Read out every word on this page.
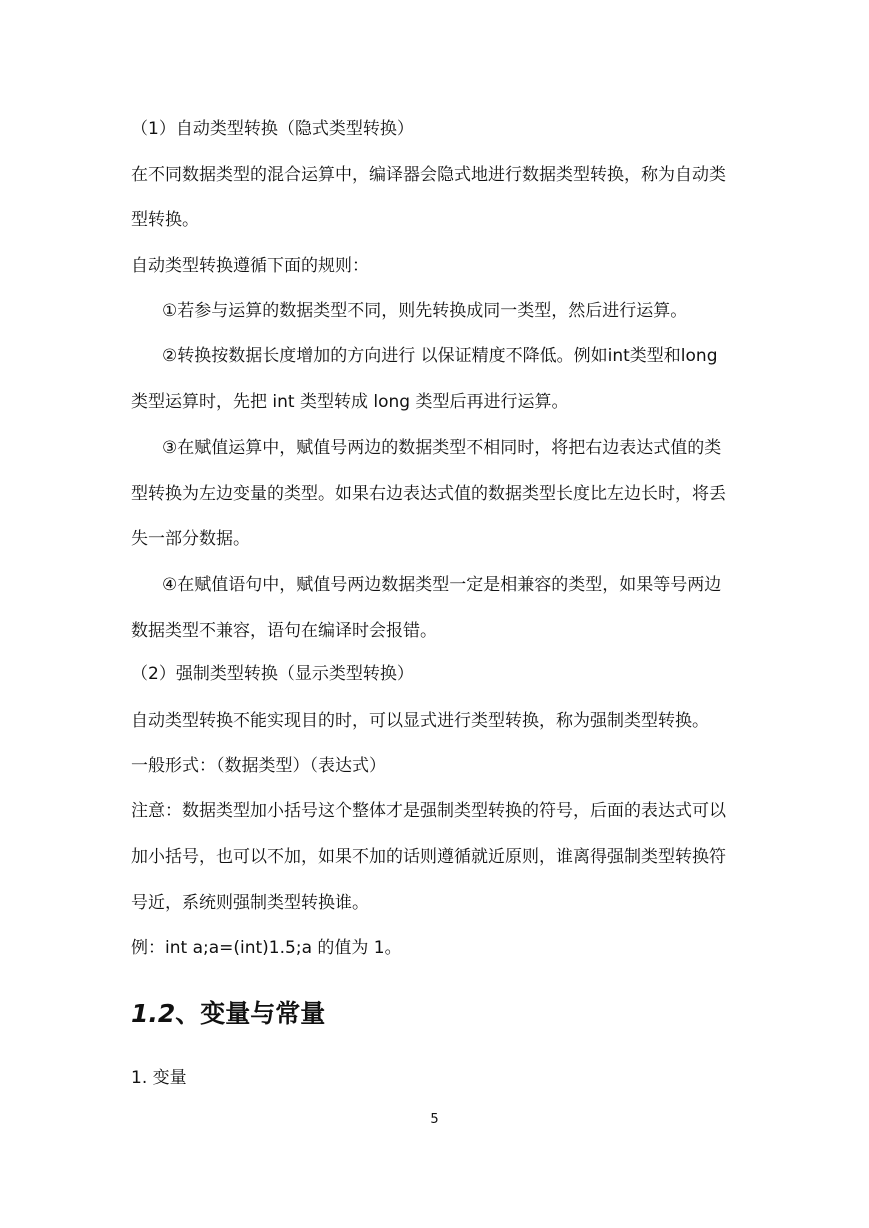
（1）自动类型转换（隐式类型转换）
在不同数据类型的混合运算中，编译器会隐式地进行数据类型转换，称为自动类
型转换。
自动类型转换遵循下面的规则：
①若参与运算的数据类型不同，则先转换成同一类型，然后进行运算。
②转换按数据长度增加的方向进行 以保证精度不降低。例如int类型和long
类型运算时，先把 int 类型转成 long 类型后再进行运算。
③在赋值运算中，赋值号两边的数据类型不相同时，将把右边表达式值的类
型转换为左边变量的类型。如果右边表达式值的数据类型长度比左边长时，将丢
失一部分数据。
④在赋值语句中，赋值号两边数据类型一定是相兼容的类型，如果等号两边
数据类型不兼容，语句在编译时会报错。
（2）强制类型转换（显示类型转换）
自动类型转换不能实现目的时，可以显式进行类型转换，称为强制类型转换。
一般形式：（数据类型）（表达式）
注意：数据类型加小括号这个整体才是强制类型转换的符号，后面的表达式可以
加小括号，也可以不加，如果不加的话则遵循就近原则，谁离得强制类型转换符
号近，系统则强制类型转换谁。
例：int a;a=(int)1.5;a 的值为 1。
1.2、变量与常量
1. 变量
5
